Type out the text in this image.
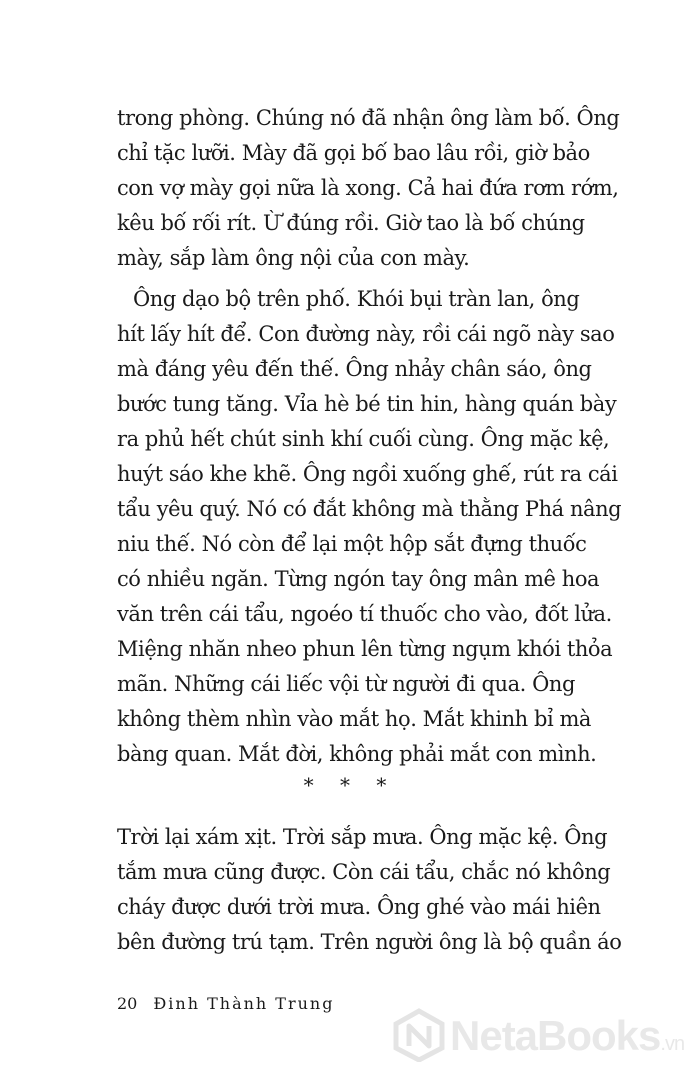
trong phòng. Chúng nó đã nhận ông làm bố. Ông
chỉ tặc lưỡi. Mày đã gọi bố bao lâu rồi, giờ bảo
con vợ mày gọi nữa là xong. Cả hai đứa rơm rớm,
kêu bố rối rít. Ừ đúng rồi. Giờ tao là bố chúng
mày, sắp làm ông nội của con mày.
Ông dạo bộ trên phố. Khói bụi tràn lan, ông
hít lấy hít để. Con đường này, rồi cái ngõ này sao
mà đáng yêu đến thế. Ông nhảy chân sáo, ông
bước tung tăng. Vỉa hè bé tin hin, hàng quán bày
ra phủ hết chút sinh khí cuối cùng. Ông mặc kệ,
huýt sáo khe khẽ. Ông ngồi xuống ghế, rút ra cái
tẩu yêu quý. Nó có đắt không mà thằng Phá nâng
niu thế. Nó còn để lại một hộp sắt đựng thuốc
có nhiều ngăn. Từng ngón tay ông mân mê hoa
văn trên cái tẩu, ngoéo tí thuốc cho vào, đốt lửa.
Miệng nhăn nheo phun lên từng ngụm khói thỏa
mãn. Những cái liếc vội từ người đi qua. Ông
không thèm nhìn vào mắt họ. Mắt khinh bỉ mà
bàng quan. Mắt đời, không phải mắt con mình.
* * *
Trời lại xám xịt. Trời sắp mưa. Ông mặc kệ. Ông
tắm mưa cũng được. Còn cái tẩu, chắc nó không
cháy được dưới trời mưa. Ông ghé vào mái hiên
bên đường trú tạm. Trên người ông là bộ quần áo
20 Đinh Thành Trung
NetaBooks.vn
